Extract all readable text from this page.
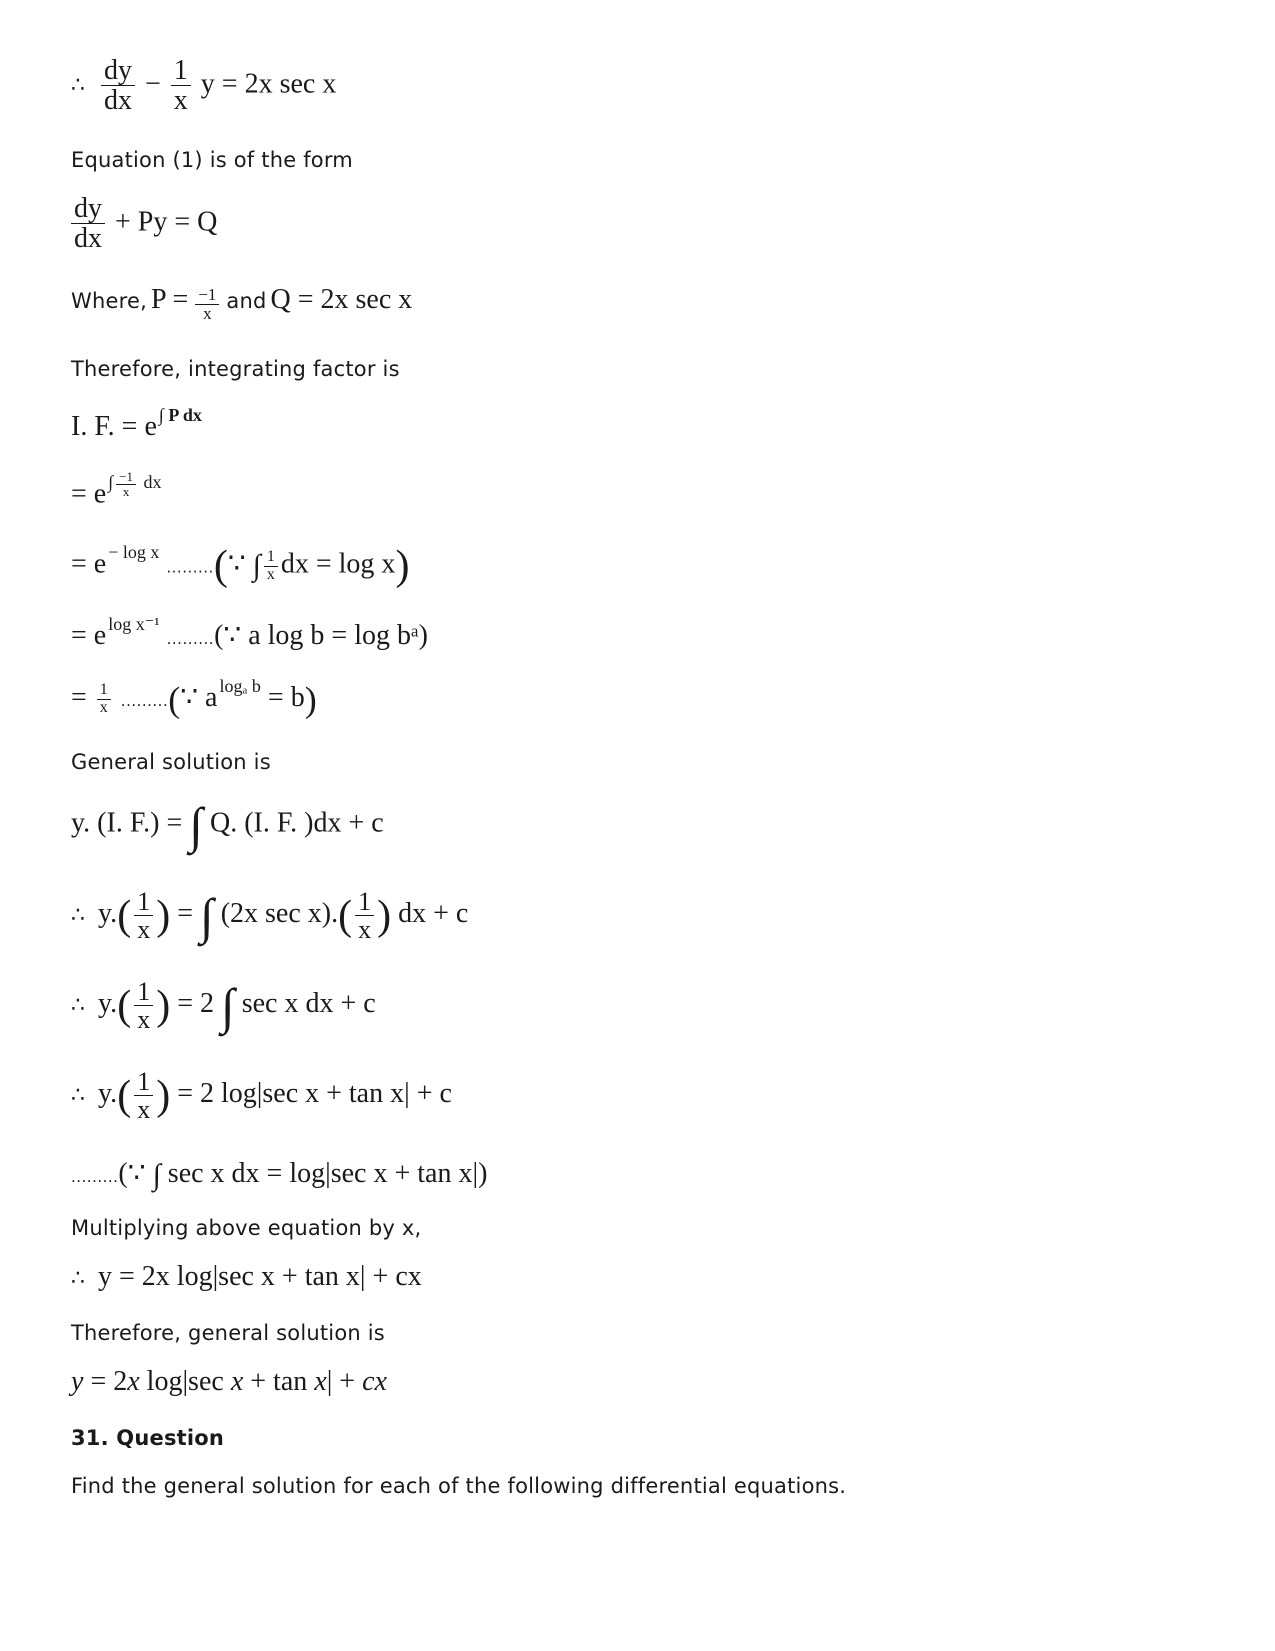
∴ $\frac{dy}{dx} - \frac{1}{x}$ y = 2x sec x
Equation (1) is of the form
$\frac{dy}{dx} + Py = Q$
Where, $P = \frac{-1}{x}$ and Q = 2x sec x
Therefore, integrating factor is
I. F. = e $^{\int P dx}$
= e $^{\int \frac{-1}{x} dx}$
= e $^{- log x}$ .........(∵ ∫ $\frac{1}{x}$ dx = log x)
= e $^{log x^{-1}}$ .........(∵ a log b = log bᵃ)
= $\frac{1}{x}$ .........(∵ a $^{log_a b}$ = b)
General solution is
y. (I. F.) = ∫ Q. (I. F. )dx + c
∴ $y.( \frac{1}{x}$ ) = ∫ (2x $\sec x).( \frac{1}{x}$ ) dx + c
∴ $y.( \frac{1}{x}$ ) = 2 ∫ sec x dx + c
∴ $y.( \frac{1}{x}$ ) = 2 log|sec x + tan x| + c
.........(∵ ∫ sec x dx = log|sec x + tan x|)
Multiplying above equation by x,
∴ y = 2x log|sec x + tan x| + cx
Therefore, general solution is
y = 2x log|sec x + tan x| + cx
31. Question
Find the general solution for each of the following differential equations.
